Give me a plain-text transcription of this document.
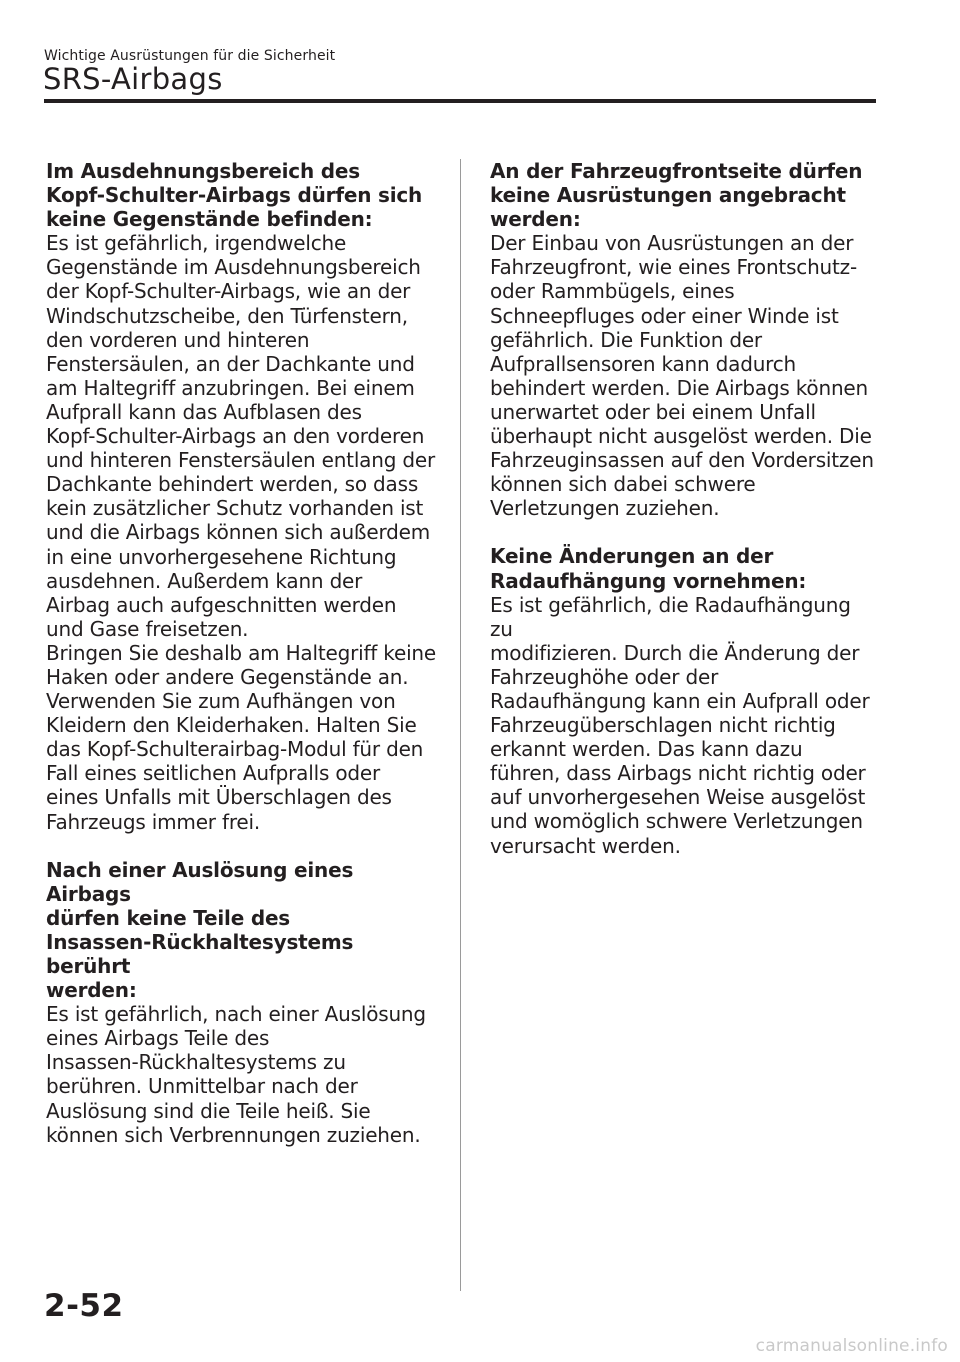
Wichtige Ausrüstungen für die Sicherheit
SRS-Airbags
Im Ausdehnungsbereich des
Kopf-Schulter-Airbags dürfen sich
keine Gegenstände befinden:
Es ist gefährlich, irgendwelche
Gegenstände im Ausdehnungsbereich
der Kopf-Schulter-Airbags, wie an der
Windschutzscheibe, den Türfenstern,
den vorderen und hinteren
Fenstersäulen, an der Dachkante und
am Haltegriff anzubringen. Bei einem
Aufprall kann das Aufblasen des
Kopf-Schulter-Airbags an den vorderen
und hinteren Fenstersäulen entlang der
Dachkante behindert werden, so dass
kein zusätzlicher Schutz vorhanden ist
und die Airbags können sich außerdem
in eine unvorhergesehene Richtung
ausdehnen. Außerdem kann der
Airbag auch aufgeschnitten werden
und Gase freisetzen.
Bringen Sie deshalb am Haltegriff keine
Haken oder andere Gegenstände an.
Verwenden Sie zum Aufhängen von
Kleidern den Kleiderhaken. Halten Sie
das Kopf-Schulterairbag-Modul für den
Fall eines seitlichen Aufpralls oder
eines Unfalls mit Überschlagen des
Fahrzeugs immer frei.
Nach einer Auslösung eines Airbags
dürfen keine Teile des
Insassen-Rückhaltesystems berührt
werden:
Es ist gefährlich, nach einer Auslösung
eines Airbags Teile des
Insassen-Rückhaltesystems zu
berühren. Unmittelbar nach der
Auslösung sind die Teile heiß. Sie
können sich Verbrennungen zuziehen.
An der Fahrzeugfrontseite dürfen
keine Ausrüstungen angebracht
werden:
Der Einbau von Ausrüstungen an der
Fahrzeugfront, wie eines Frontschutz-
oder Rammbügels, eines
Schneepfluges oder einer Winde ist
gefährlich. Die Funktion der
Aufprallsensoren kann dadurch
behindert werden. Die Airbags können
unerwartet oder bei einem Unfall
überhaupt nicht ausgelöst werden. Die
Fahrzeuginsassen auf den Vordersitzen
können sich dabei schwere
Verletzungen zuziehen.
Keine Änderungen an der
Radaufhängung vornehmen:
Es ist gefährlich, die Radaufhängung zu
modifizieren. Durch die Änderung der
Fahrzeughöhe oder der
Radaufhängung kann ein Aufprall oder
Fahrzeugüberschlagen nicht richtig
erkannt werden. Das kann dazu
führen, dass Airbags nicht richtig oder
auf unvorhergesehen Weise ausgelöst
und womöglich schwere Verletzungen
verursacht werden.
2-52
carmanualsonline.info
